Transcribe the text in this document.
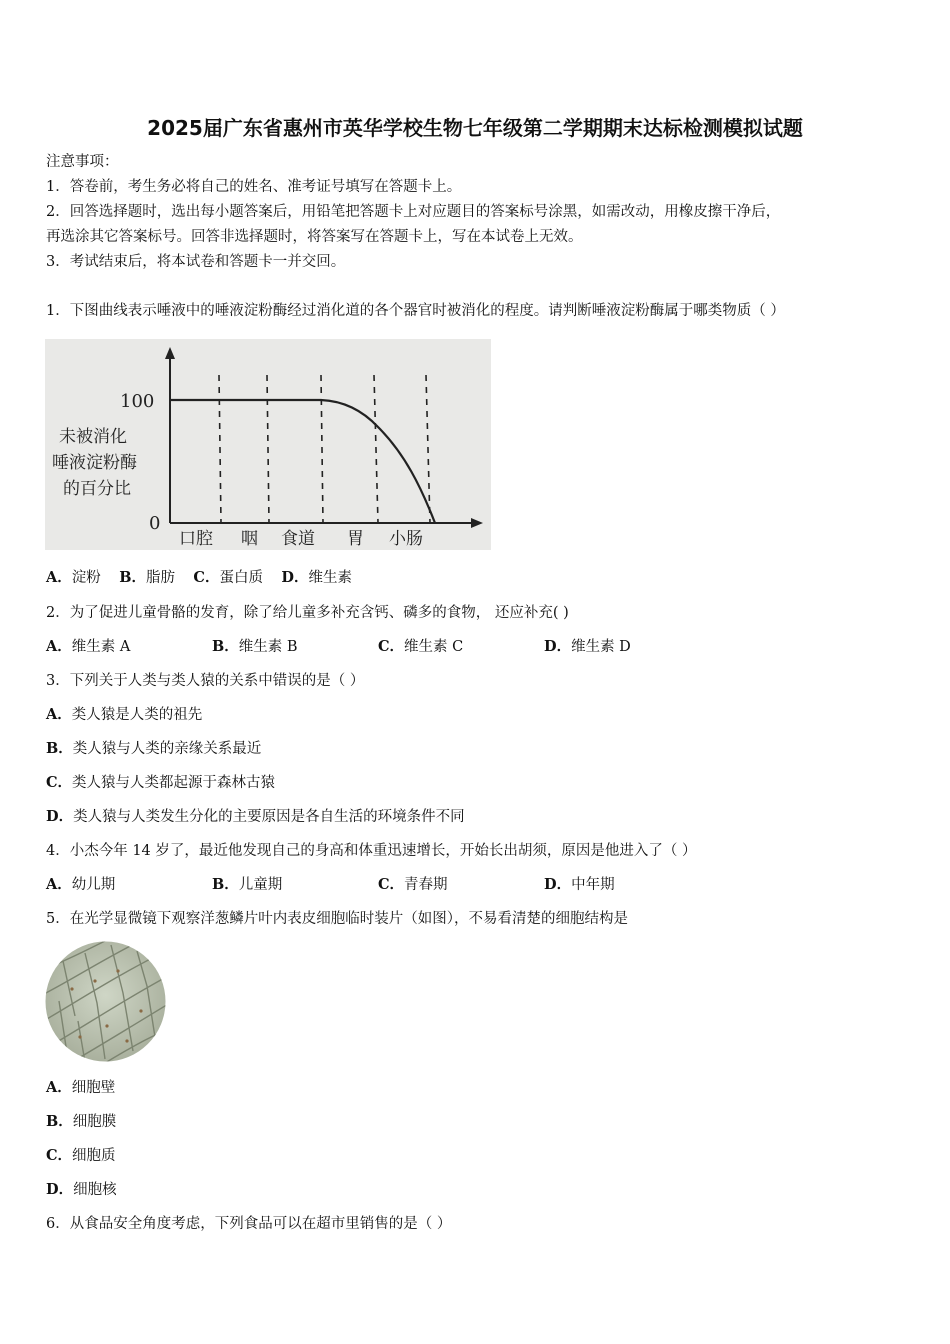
2025届广东省惠州市英华学校生物七年级第二学期期末达标检测模拟试题
注意事项：
1．答卷前，考生务必将自己的姓名、准考证号填写在答题卡上。
2．回答选择题时，选出每小题答案后，用铅笔把答题卡上对应题目的答案标号涂黑，如需改动，用橡皮擦干净后，
再选涂其它答案标号。回答非选择题时，将答案写在答题卡上，写在本试卷上无效。
3．考试结束后，将本试卷和答题卡一并交回。
1．下图曲线表示唾液中的唾液淀粉酶经过消化道的各个器官时被消化的程度。请判断唾液淀粉酶属于哪类物质（ ）
100
0
未被消化
唾液淀粉酶
的百分比
口腔 咽 食道 胃 小肠
A．淀粉 B．脂肪 C．蛋白质 D．维生素
2．为了促进儿童骨骼的发育，除了给儿童多补充含钙、磷多的食物， 还应补充( )
A．维生素 A	B．维生素 B	C．维生素 C	D．维生素 D
3．下列关于人类与类人猿的关系中错误的是（ ）
A．类人猿是人类的祖先
B．类人猿与人类的亲缘关系最近
C．类人猿与人类都起源于森林古猿
D．类人猿与人类发生分化的主要原因是各自生活的环境条件不同
4．小杰今年 14 岁了，最近他发现自己的身高和体重迅速增长，开始长出胡须，原因是他进入了（ ）
A．幼儿期	B．儿童期	C．青春期	D．中年期
5．在光学显微镜下观察洋葱鳞片叶内表皮细胞临时装片（如图），不易看清楚的细胞结构是
A．细胞壁
B．细胞膜
C．细胞质
D．细胞核
6．从食品安全角度考虑，下列食品可以在超市里销售的是（ ）
